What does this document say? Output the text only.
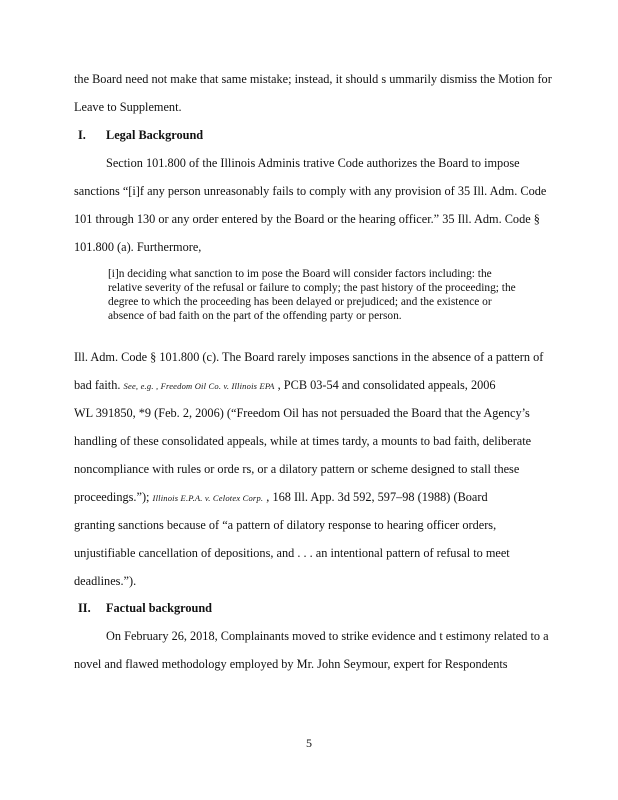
the Board need not make that same mistake; instead, it should s ummarily dismiss the Motion for
Leave to Supplement.
I. Legal Background
Section 101.800 of the Illinois Adminis trative Code authorizes the Board to impose
sanctions “[i]f any person unreasonably fails to comply with any provision of 35 Ill. Adm. Code
101 through 130 or any order entered by the Board or the hearing officer.” 35 Ill. Adm. Code §
101.800 (a). Furthermore,
[i]n deciding what sanction to im pose the Board will consider factors including: the
relative severity of the refusal or failure to comply; the past history of the proceeding; the
degree to which the proceeding has been delayed or prejudiced; and the existence or
absence of bad faith on the part of the offending party or person.
Ill. Adm. Code § 101.800 (c). The Board rarely imposes sanctions in the absence of a pattern of
bad faith. See, e.g. , Freedom Oil Co. v. Illinois EPA , PCB 03-54 and consolidated appeals, 2006
WL 391850, *9 (Feb. 2, 2006) (“Freedom Oil has not persuaded the Board that the Agency’s
handling of these consolidated appeals, while at times tardy, a mounts to bad faith, deliberate
noncompliance with rules or orde rs, or a dilatory pattern or scheme designed to stall these
proceedings.”); Illinois E.P.A. v. Celotex Corp. , 168 Ill. App. 3d 592, 597–98 (1988) (Board
granting sanctions because of “a pattern of dilatory response to hearing officer orders,
unjustifiable cancellation of depositions, and . . . an intentional pattern of refusal to meet
deadlines.”).
II. Factual background
On February 26, 2018, Complainants moved to strike evidence and t estimony related to a
novel and flawed methodology employed by Mr. John Seymour, expert for Respondents
5
